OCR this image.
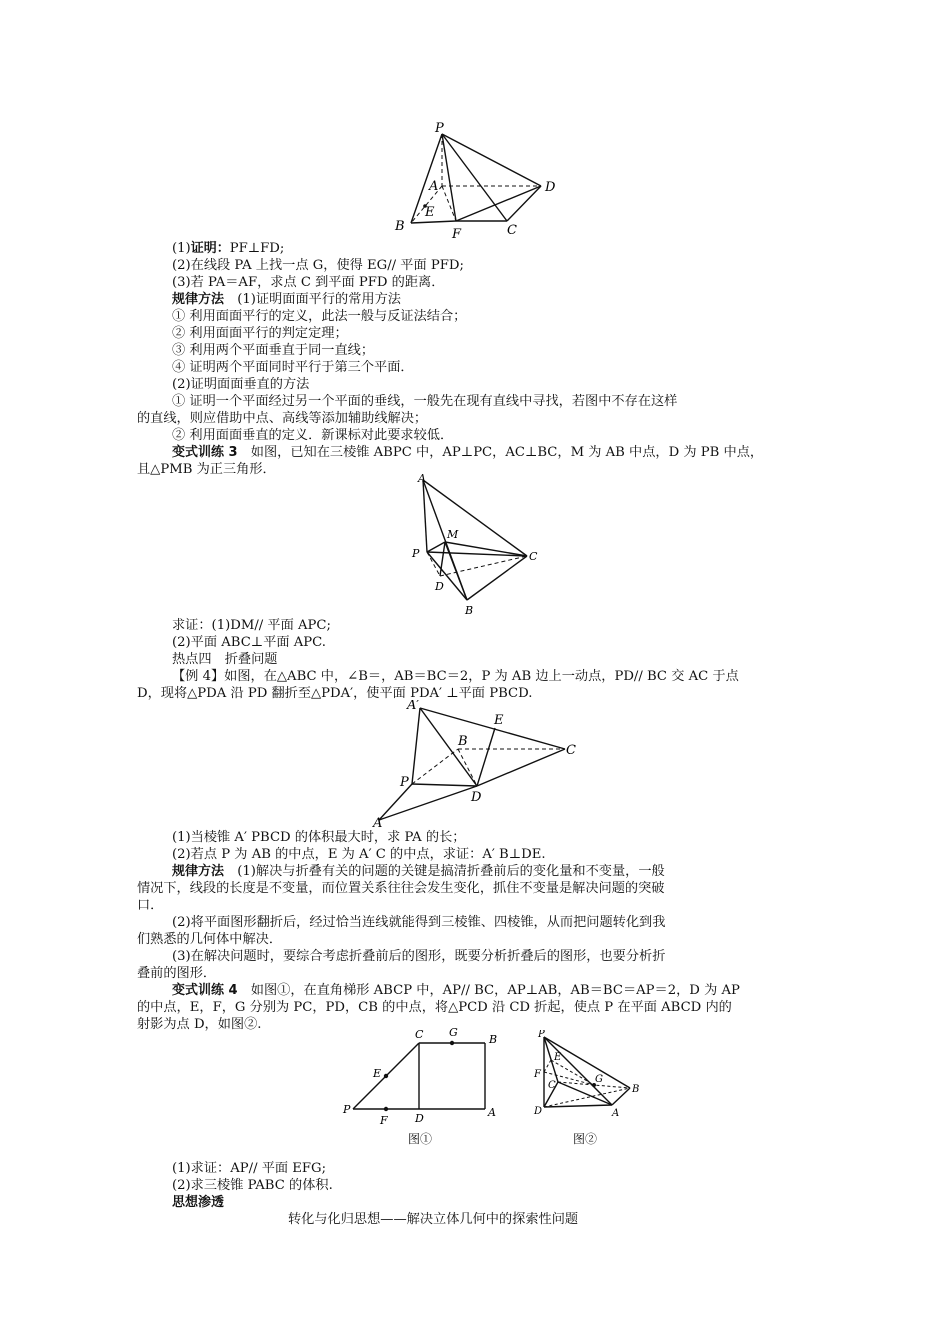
P
A	D
B
E
F	C
(1)证明：PF⊥FD;
(2)在线段 PA 上找一点 G，使得 EG// 平面 PFD;
(3)若 PA＝AF，求点 C 到平面 PFD 的距离．
规律方法　 (1)证明面面平行的常用方法
① 利用面面平行的定义，此法一般与反证法结合；
② 利用面面平行的判定定理；
③ 利用两个平面垂直于同一直线；
④ 证明两个平面同时平行于第三个平面．
(2)证明面面垂直的方法
① 证明一个平面经过另一个平面的垂线，一般先在现有直线中寻找，若图中不存在这样
的直线，则应借助中点、高线等添加辅助线解决；
② 利用面面垂直的定义．新课标对此要求较低．
变式训练 3　 如图，已知在三棱锥 ABPC 中，AP⊥PC，AC⊥BC，M 为 AB 中点，D 为 PB 中点，
且△PMB 为正三角形．
A
M
P	C
D
B
求证：(1)DM// 平面 APC;
(2)平面 ABC⊥平面 APC.
热点四　折叠问题
【例 4】如图，在△ABC 中，∠B＝，AB＝BC＝2，P 为 AB 边上一动点，PD// BC 交 AC 于点
D，现将△PDA 沿 PD 翻折至△PDA′，使平面 PDA′ ⊥平面 PBCD.
A′
E
B
C
P
D
A
(1)当棱锥 A′ PBCD 的体积最大时，求 PA 的长；
(2)若点 P 为 AB 的中点，E 为 A′ C 的中点，求证：A′ B⊥DE.
规律方法　 (1)解决与折叠有关的问题的关键是搞清折叠前后的变化量和不变量，一般
情况下，线段的长度是不变量，而位置关系往往会发生变化，抓住不变量是解决问题的突破
口．
(2)将平面图形翻折后，经过恰当连线就能得到三棱锥、四棱锥，从而把问题转化到我
们熟悉的几何体中解决．
(3)在解决问题时，要综合考虑折叠前后的图形，既要分析折叠后的图形，也要分析折
叠前的图形．
变式训练 4　 如图①，在直角梯形 ABCP 中，AP// BC，AP⊥AB，AB＝BC＝AP＝2，D 为 AP
的中点，E，F，G 分别为 PC，PD，CB 的中点，将△PCD 沿 CD 折起，使点 P 在平面 ABCD 内的
射影为点 D，如图②.
C G
B
E
P
F D	A
图①
P
E
F
C
G
B
D	A
图②
(1)求证：AP// 平面 EFG;
(2)求三棱锥 PABC 的体积.
思想渗透
转化与化归思想——解决立体几何中的探索性问题
